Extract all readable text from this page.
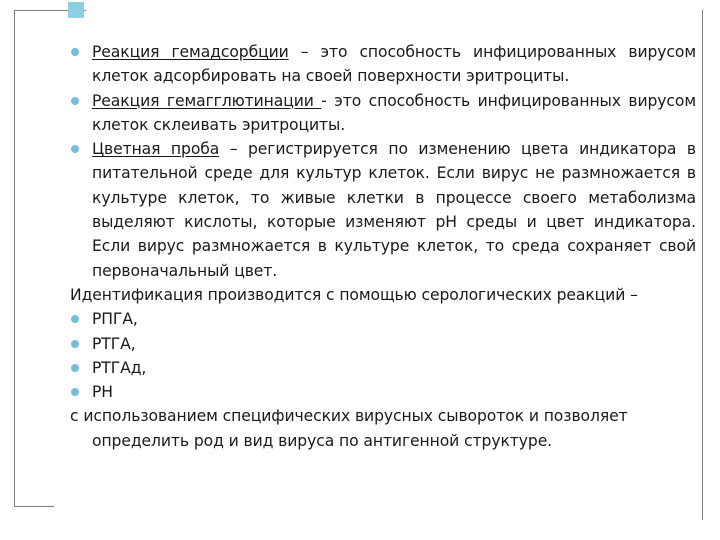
Реакция гемадсорбции – это способность инфицированных вирусом клеток адсорбировать на своей поверхности эритроциты.
Реакция гемагглютинации - это способность инфицированных вирусом клеток склеивать эритроциты.
Цветная проба – регистрируется по изменению цвета индикатора в питательной среде для культур клеток. Если вирус не размножается в культуре клеток, то живые клетки в процессе своего метаболизма выделяют кислоты, которые изменяют рН среды и цвет индикатора. Если вирус размножается в культуре клеток, то среда сохраняет свой первоначальный цвет.
Идентификация производится с помощью серологических реакций –
РПГА,
РТГА,
РТГАд,
РН
с использованием специфических вирусных сывороток и позволяет
определить род и вид вируса по антигенной структуре.
